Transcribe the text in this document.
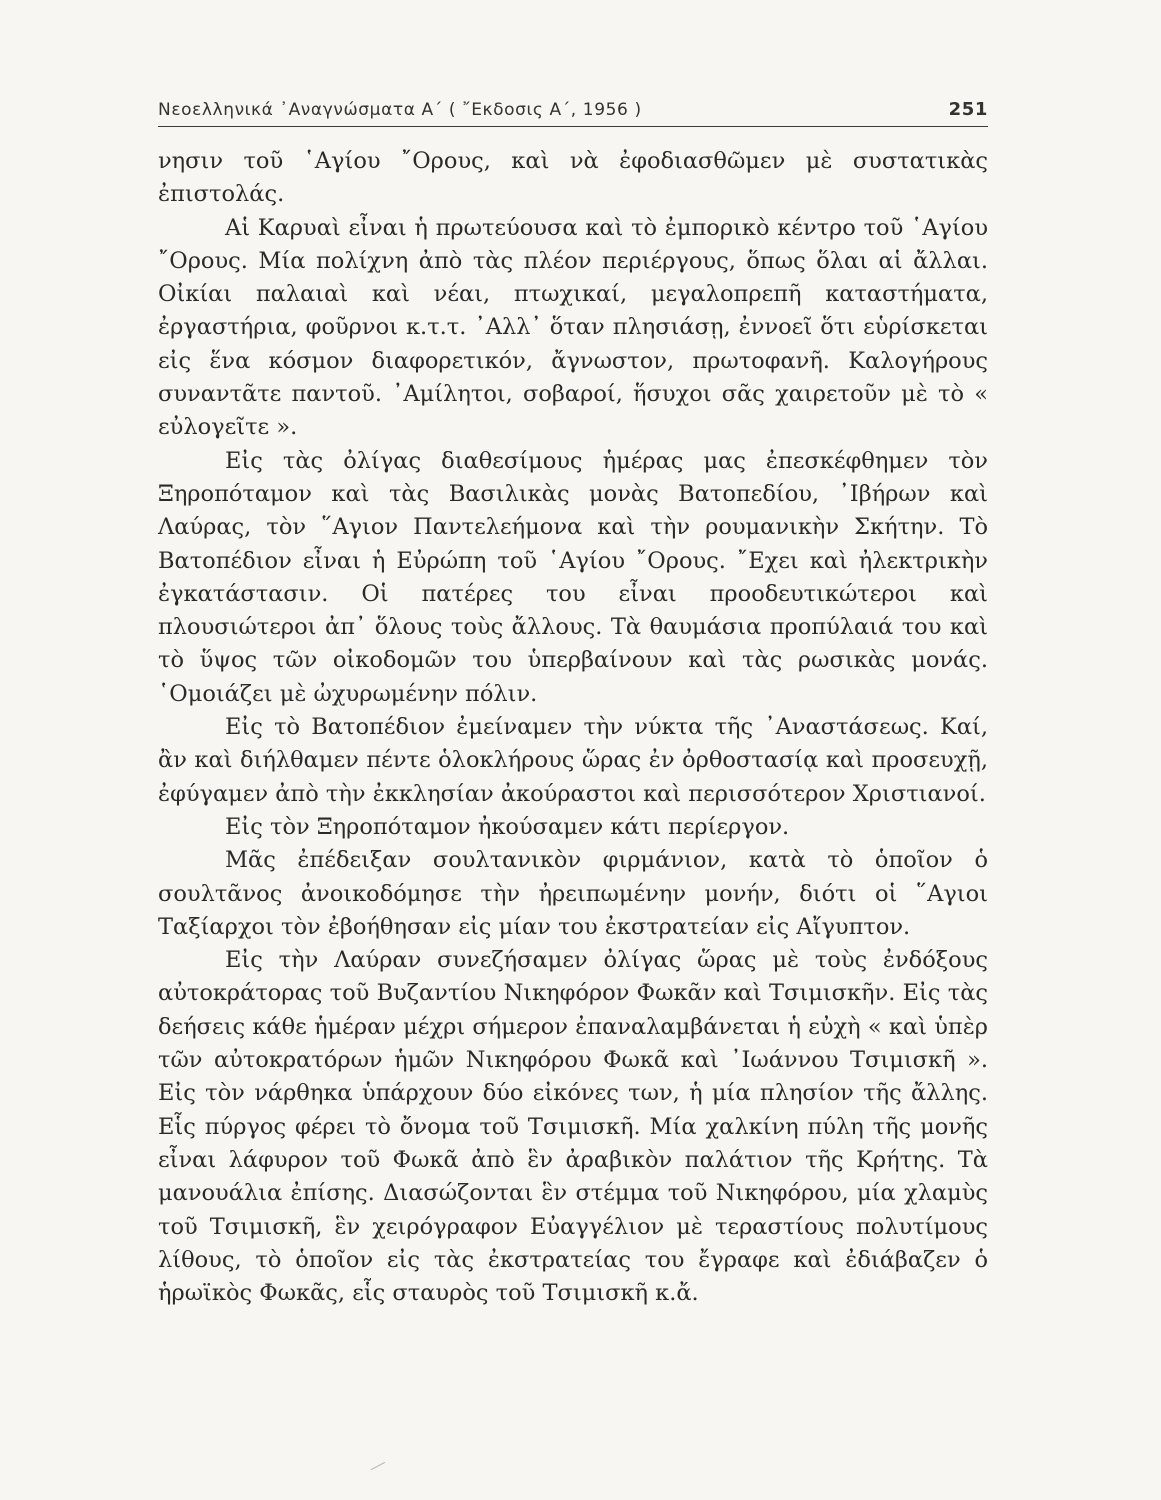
Νεοελληνικά ᾿Αναγνώσματα Α΄ ( ῎Εκδοσις Α΄, 1956 )	251

νησιν τοῦ ῾Αγίου ῎Ορους, καὶ νὰ ἐφοδιασθῶμεν μὲ συστατικὰς ἐπιστολάς.

Αἱ Καρυαὶ εἶναι ἡ πρωτεύουσα καὶ τὸ ἐμπορικὸ κέντρο τοῦ ῾Αγίου ῎Ορους. Μία πολίχνη ἀπὸ τὰς πλέον περιέργους, ὅπως ὅλαι αἱ ἄλλαι. Οἰκίαι παλαιαὶ καὶ νέαι, πτωχικαί, μεγαλοπρεπῆ καταστήματα, ἐργαστήρια, φοῦρνοι κ.τ.τ. ᾿Αλλ᾿ ὅταν πλησιάσῃ, ἐννοεῖ ὅτι εὑρίσκεται εἰς ἕνα κόσμον διαφορετικόν, ἄγνωστον, πρωτοφανῆ. Καλογήρους συναντᾶτε παντοῦ. ᾿Αμίλητοι, σοβαροί, ἥσυχοι σᾶς χαιρετοῦν μὲ τὸ « εὐλογεῖτε ».

Εἰς τὰς ὀλίγας διαθεσίμους ἡμέρας μας ἐπεσκέφθημεν τὸν Ξηροπόταμον καὶ τὰς Βασιλικὰς μονὰς Βατοπεδίου, ᾿Ιβήρων καὶ Λαύρας, τὸν ῞Αγιον Παντελεήμονα καὶ τὴν ρουμανικὴν Σκήτην. Τὸ Βατοπέδιον εἶναι ἡ Εὐρώπη τοῦ ῾Αγίου ῎Ορους. ῎Εχει καὶ ἠλεκτρικὴν ἐγκατάστασιν. Οἱ πατέρες του εἶναι προοδευτικώτεροι καὶ πλουσιώτεροι ἀπ᾿ ὅλους τοὺς ἄλλους. Τὰ θαυμάσια προπύλαιά του καὶ τὸ ὕψος τῶν οἰκοδομῶν του ὑπερβαίνουν καὶ τὰς ρωσικὰς μονάς. ῾Ομοιάζει μὲ ὠχυρωμένην πόλιν.

Εἰς τὸ Βατοπέδιον ἐμείναμεν τὴν νύκτα τῆς ᾿Αναστάσεως. Καί, ἂν καὶ διήλθαμεν πέντε ὁλοκλήρους ὥρας ἐν ὀρθοστασίᾳ καὶ προσευχῇ, ἐφύγαμεν ἀπὸ τὴν ἐκκλησίαν ἀκούραστοι καὶ περισσότερον Χριστιανοί.

Εἰς τὸν Ξηροπόταμον ἠκούσαμεν κάτι περίεργον.

Μᾶς ἐπέδειξαν σουλτανικὸν φιρμάνιον, κατὰ τὸ ὁποῖον ὁ σουλτᾶνος ἀνοικοδόμησε τὴν ἠρειπωμένην μονήν, διότι οἱ ῞Αγιοι Ταξίαρχοι τὸν ἐβοήθησαν εἰς μίαν του ἐκστρατείαν εἰς Αἴγυπτον.

Εἰς τὴν Λαύραν συνεζήσαμεν ὀλίγας ὥρας μὲ τοὺς ἐνδόξους αὐτοκράτορας τοῦ Βυζαντίου Νικηφόρον Φωκᾶν καὶ Τσιμισκῆν. Εἰς τὰς δεήσεις κάθε ἡμέραν μέχρι σήμερον ἐπαναλαμβάνεται ἡ εὐχὴ « καὶ ὑπὲρ τῶν αὐτοκρατόρων ἡμῶν Νικηφόρου Φωκᾶ καὶ ᾿Ιωάννου Τσιμισκῆ ». Εἰς τὸν νάρθηκα ὑπάρχουν δύο εἰκόνες των, ἡ μία πλησίον τῆς ἄλλης. Εἷς πύργος φέρει τὸ ὄνομα τοῦ Τσιμισκῆ. Μία χαλκίνη πύλη τῆς μονῆς εἶναι λάφυρον τοῦ Φωκᾶ ἀπὸ ἓν ἀραβικὸν παλάτιον τῆς Κρήτης. Τὰ μανουάλια ἐπίσης. Διασώζονται ἓν στέμμα τοῦ Νικηφόρου, μία χλαμὺς τοῦ Τσιμισκῆ, ἓν χειρόγραφον Εὐαγγέλιον μὲ τεραστίους πολυτίμους λίθους, τὸ ὁποῖον εἰς τὰς ἐκστρατείας του ἔγραφε καὶ ἐδιάβαζεν ὁ ἡρωϊκὸς Φωκᾶς, εἷς σταυρὸς τοῦ Τσιμισκῆ κ.ἄ.
